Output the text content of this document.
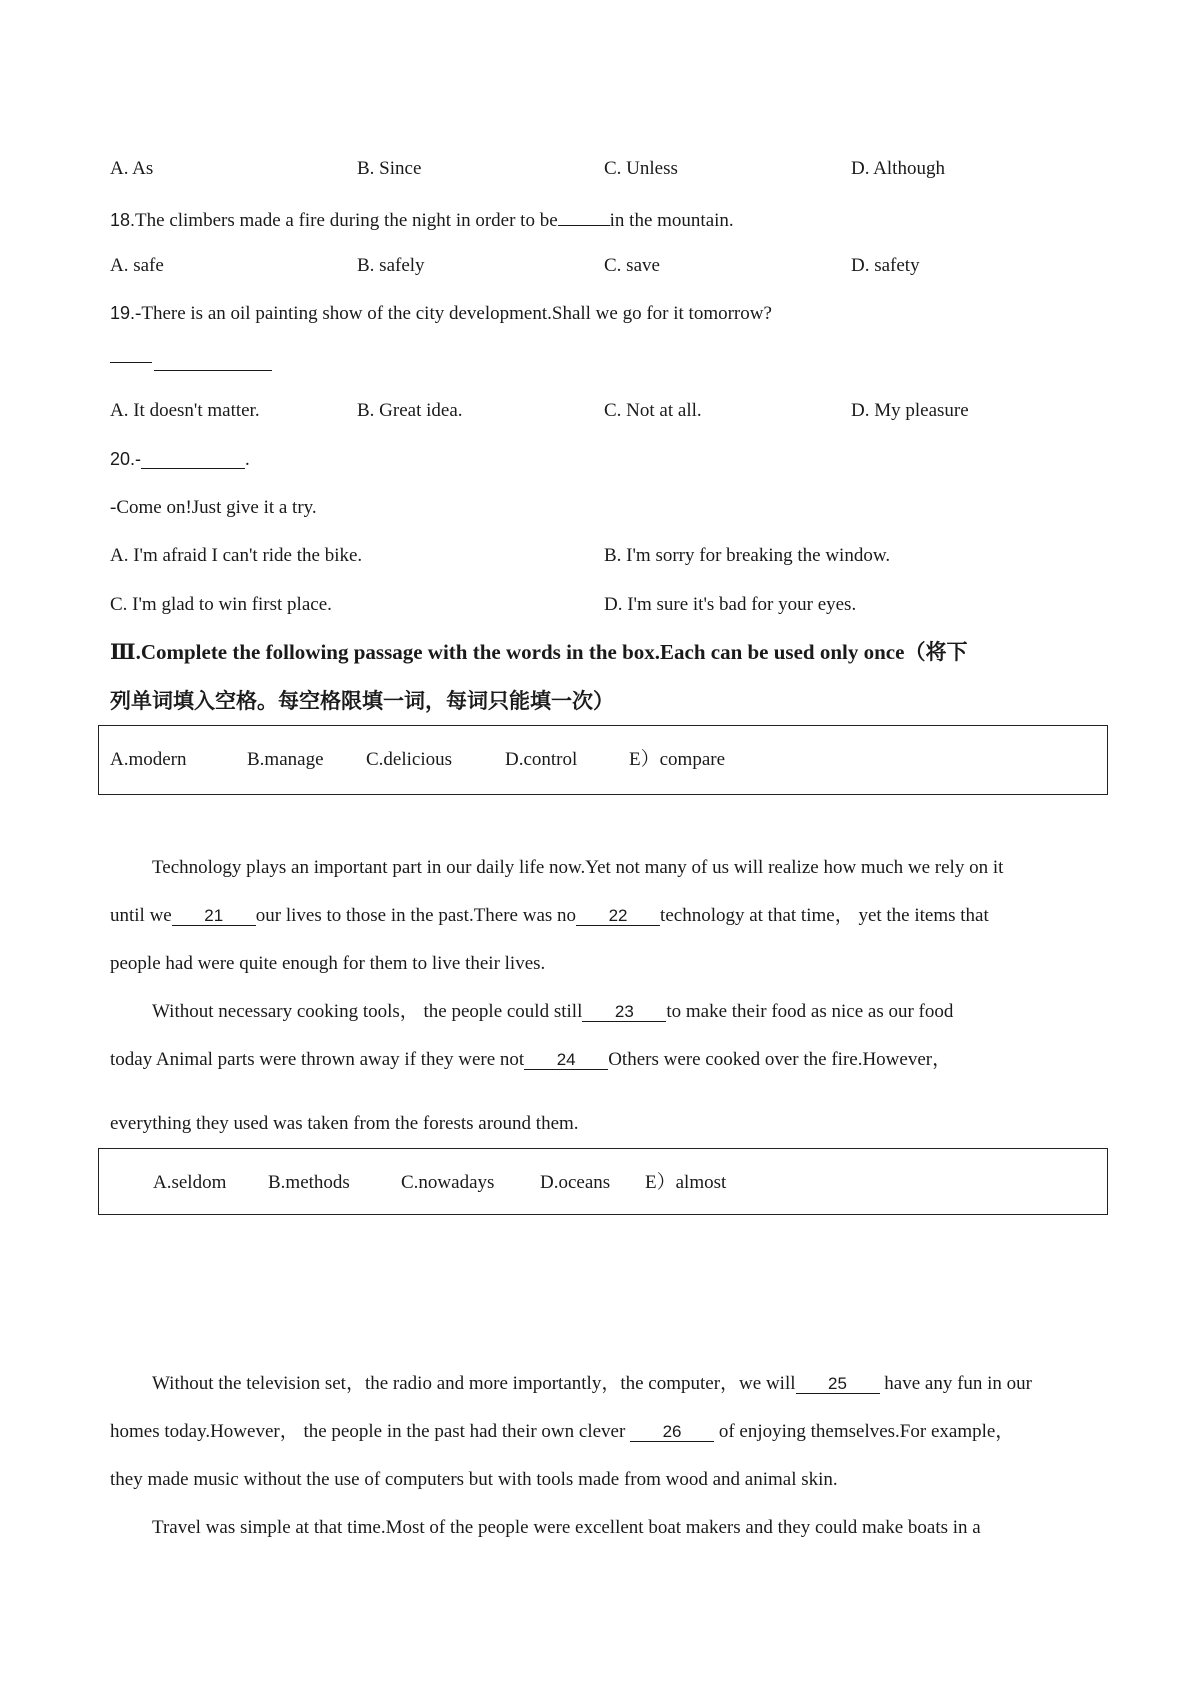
A. As	B. Since	C. Unless	D. Although
18.The climbers made a fire during the night in order to be	in the mountain.
A. safe	B. safely	C. save	D. safety
19.-There is an oil painting show of the city development.Shall we go for it tomorrow?
A. It doesn't matter.	B. Great idea.	C. Not at all.	D. My pleasure
20.-	.
-Come on!Just give it a try.
A. I'm afraid I can't ride the bike.	B. I'm sorry for breaking the window.
C. I'm glad to win first place.	D. I'm sure it's bad for your eyes.
Ⅲ.Complete the following passage with the words in the box.Each can be used only once（将下
列单词填入空格。每空格限填一词，每词只能填一次）
A.modern	B.manage C.delicious	D.control	E）compare
Technology plays an important part in our daily life now.Yet not many of us will realize how much we rely on it
until we 21 our lives to those in the past.There was no 22 technology at that time， yet the items that
people had were quite enough for them to live their lives.
Without necessary cooking tools， the people could still 23 to make their food as nice as our food
today Animal parts were thrown away if they were not 24 Others were cooked over the fire.However，
everything they used was taken from the forests around them.
A.seldom B.methods	C.nowadays D.oceans E）almost
Without the television set，the radio and more importantly，the computer，we will 25 have any fun in our
homes today.However， the people in the past had their own clever 26 of enjoying themselves.For example，
they made music without the use of computers but with tools made from wood and animal skin.
Travel was simple at that time.Most of the people were excellent boat makers and they could make boats in a
